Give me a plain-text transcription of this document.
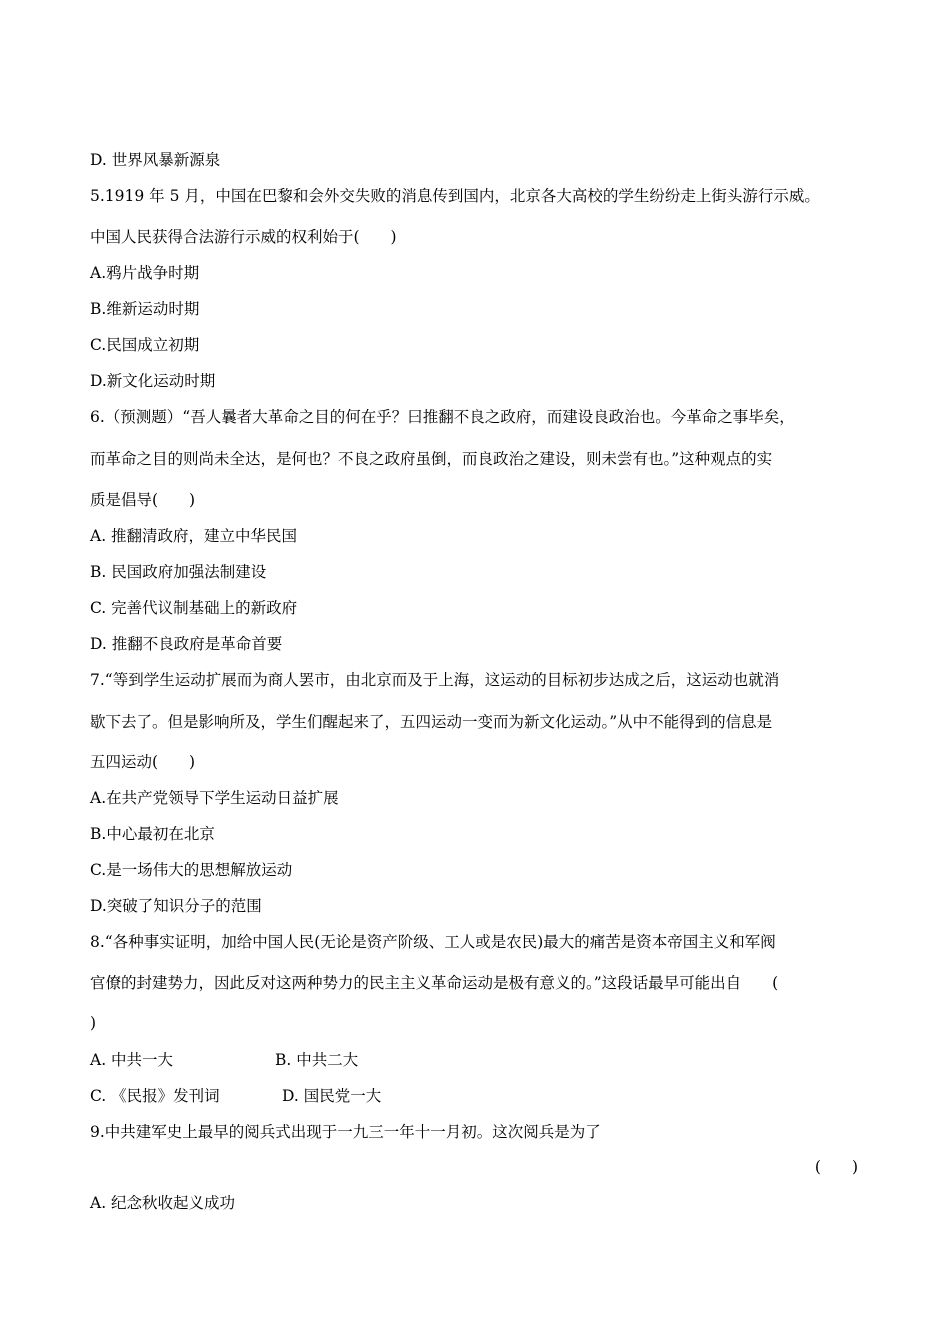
D. 世界风暴新源泉
5.1919 年 5 月，中国在巴黎和会外交失败的消息传到国内，北京各大高校的学生纷纷走上街头游行示威。
中国人民获得合法游行示威的权利始于(　　)
A.鸦片战争时期
B.维新运动时期
C.民国成立初期
D.新文化运动时期
6.（预测题）“吾人曩者大革命之目的何在乎？曰推翻不良之政府，而建设良政治也。今革命之事毕矣，
而革命之目的则尚未全达，是何也？不良之政府虽倒，而良政治之建设，则未尝有也。”这种观点的实
质是倡导(　　)
A. 推翻清政府，建立中华民国
B. 民国政府加强法制建设
C. 完善代议制基础上的新政府
D. 推翻不良政府是革命首要
7.“等到学生运动扩展而为商人罢市，由北京而及于上海，这运动的目标初步达成之后，这运动也就消
歇下去了。但是影响所及，学生们醒起来了，五四运动一变而为新文化运动。”从中不能得到的信息是
五四运动(　　)
A.在共产党领导下学生运动日益扩展
B.中心最初在北京
C.是一场伟大的思想解放运动
D.突破了知识分子的范围
8.“各种事实证明，加给中国人民(无论是资产阶级、工人或是农民)最大的痛苦是资本帝国主义和军阀
官僚的封建势力，因此反对这两种势力的民主主义革命运动是极有意义的。”这段话最早可能出自　　(
)
A. 中共一大	B. 中共二大
C. 《民报》发刊词	D. 国民党一大
9.中共建军史上最早的阅兵式出现于一九三一年十一月初。这次阅兵是为了
(　　)
A. 纪念秋收起义成功
